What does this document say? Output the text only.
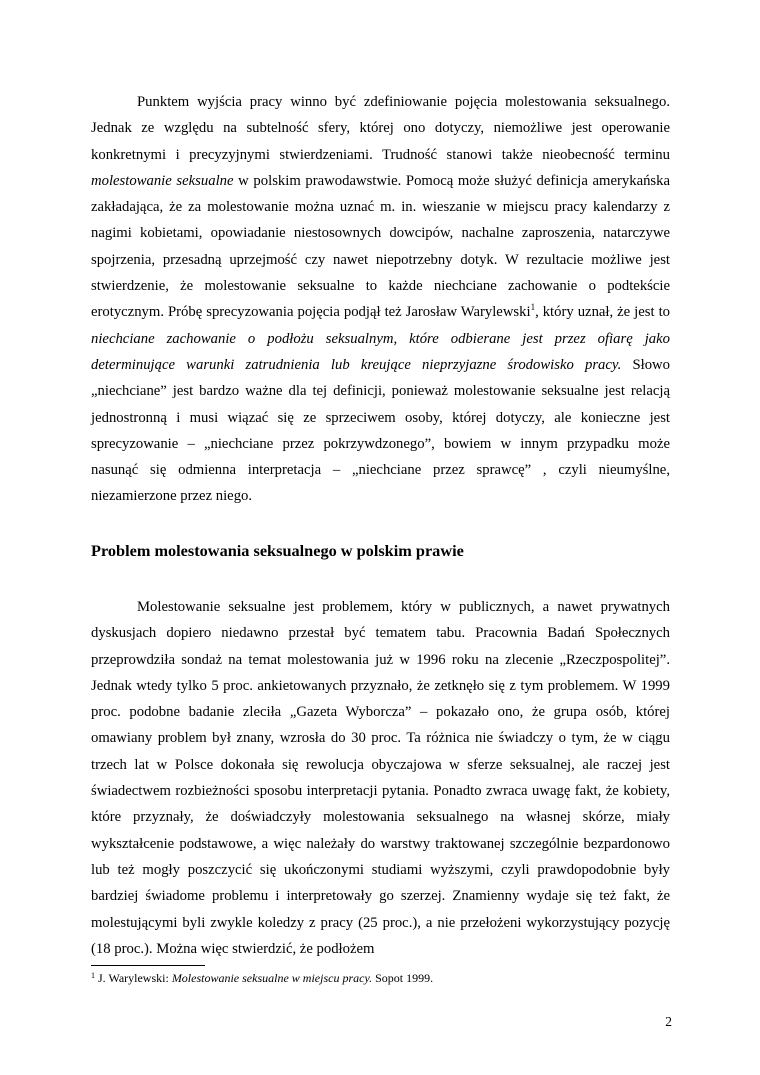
Punktem wyjścia pracy winno być zdefiniowanie pojęcia molestowania seksualnego. Jednak ze względu na subtelność sfery, której ono dotyczy, niemożliwe jest operowanie konkretnymi i precyzyjnymi stwierdzeniami. Trudność stanowi także nieobecność terminu molestowanie seksualne w polskim prawodawstwie. Pomocą może służyć definicja amerykańska zakładająca, że za molestowanie można uznać m. in. wieszanie w miejscu pracy kalendarzy z nagimi kobietami, opowiadanie niestosownych dowcipów, nachalne zaproszenia, natarczywe spojrzenia, przesadną uprzejmość czy nawet niepotrzebny dotyk. W rezultacie możliwe jest stwierdzenie, że molestowanie seksualne to każde niechciane zachowanie o podtekście erotycznym. Próbę sprecyzowania pojęcia podjął też Jarosław Warylewski$^1$, który uznał, że jest to niechciane zachowanie o podłożu seksualnym, które odbierane jest przez ofiarę jako determinujące warunki zatrudnienia lub kreujące nieprzyjazne środowisko pracy. Słowo „niechciane” jest bardzo ważne dla tej definicji, ponieważ molestowanie seksualne jest relacją jednostronną i musi wiązać się ze sprzeciwem osoby, której dotyczy, ale konieczne jest sprecyzowanie – „niechciane przez pokrzywdzonego”, bowiem w innym przypadku może nasunąć się odmienna interpretacja – „niechciane przez sprawcę” , czyli nieumyślne, niezamierzone przez niego.

Problem molestowania seksualnego w polskim prawie

Molestowanie seksualne jest problemem, który w publicznych, a nawet prywatnych dyskusjach dopiero niedawno przestał być tematem tabu. Pracownia Badań Społecznych przeprowdziła sondaż na temat molestowania już w 1996 roku na zlecenie „Rzeczpospolitej”. Jednak wtedy tylko 5 proc. ankietowanych przyznało, że zetknęło się z tym problemem. W 1999 proc. podobne badanie zleciła „Gazeta Wyborcza” – pokazało ono, że grupa osób, której omawiany problem był znany, wzrosła do 30 proc. Ta różnica nie świadczy o tym, że w ciągu trzech lat w Polsce dokonała się rewolucja obyczajowa w sferze seksualnej, ale raczej jest świadectwem rozbieżności sposobu interpretacji pytania. Ponadto zwraca uwagę fakt, że kobiety, które przyznały, że doświadczyły molestowania seksualnego na własnej skórze, miały wykształcenie podstawowe, a więc należały do warstwy traktowanej szczególnie bezpardonowo lub też mogły poszczycić się ukończonymi studiami wyższymi, czyli prawdopodobnie były bardziej świadome problemu i interpretowały go szerzej. Znamienny wydaje się też fakt, że molestującymi byli zwykle koledzy z pracy (25 proc.), a nie przełożeni wykorzystujący pozycję (18 proc.). Można więc stwierdzić, że podłożem

$^1$ J. Warylewski: Molestowanie seksualne w miejscu pracy. Sopot 1999.
2
